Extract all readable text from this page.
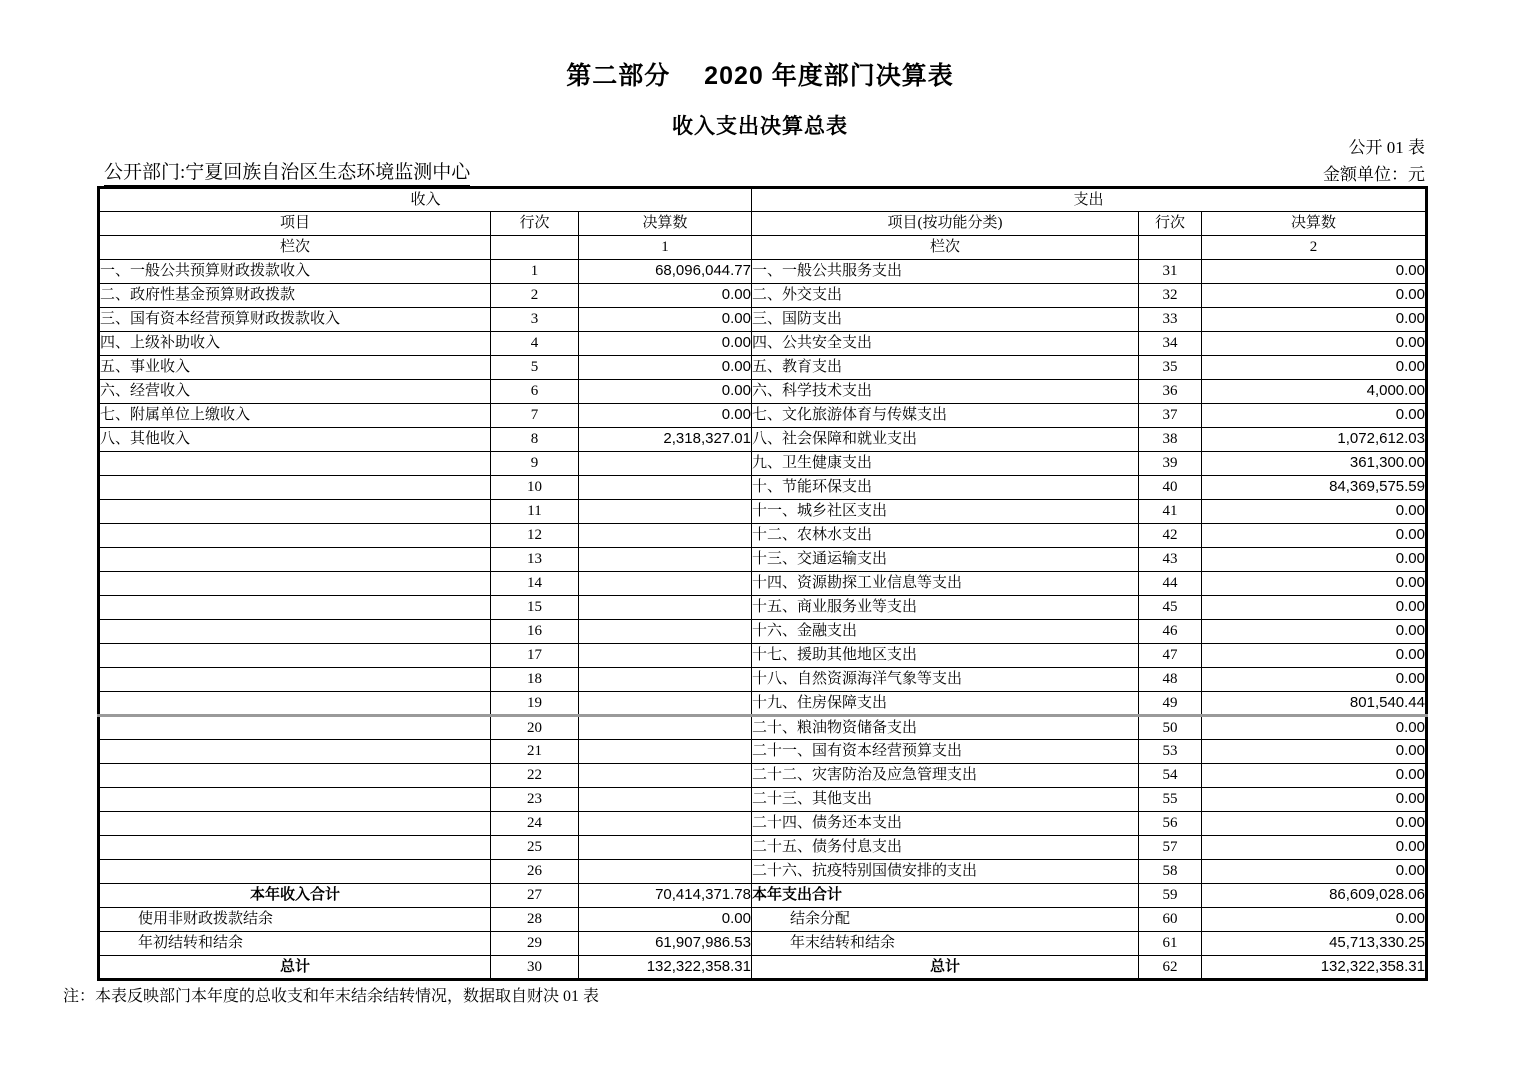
第二部分　 2020 年度部门决算表
收入支出决算总表
公开 01 表
公开部门:宁夏回族自治区生态环境监测中心	金额单位：元
收入			支出		
项目	行次	决算数	项目(按功能分类)	行次	决算数
栏次		1	栏次		2
一、一般公共预算财政拨款收入	1	68,096,044.77	一、一般公共服务支出	31	0.00
二、政府性基金预算财政拨款	2	0.00	二、外交支出	32	0.00
三、国有资本经营预算财政拨款收入	3	0.00	三、国防支出	33	0.00
四、上级补助收入	4	0.00	四、公共安全支出	34	0.00
五、事业收入	5	0.00	五、教育支出	35	0.00
六、经营收入	6	0.00	六、科学技术支出	36	4,000.00
七、附属单位上缴收入	7	0.00	七、文化旅游体育与传媒支出	37	0.00
八、其他收入	8	2,318,327.01	八、社会保障和就业支出	38	1,072,612.03
	9		九、卫生健康支出	39	361,300.00
	10		十、节能环保支出	40	84,369,575.59
	11		十一、城乡社区支出	41	0.00
	12		十二、农林水支出	42	0.00
	13		十三、交通运输支出	43	0.00
	14		十四、资源勘探工业信息等支出	44	0.00
	15		十五、商业服务业等支出	45	0.00
	16		十六、金融支出	46	0.00
	17		十七、援助其他地区支出	47	0.00
	18		十八、自然资源海洋气象等支出	48	0.00
	19		十九、住房保障支出	49	801,540.44
	20		二十、粮油物资储备支出	50	0.00
	21		二十一、国有资本经营预算支出	53	0.00
	22		二十二、灾害防治及应急管理支出	54	0.00
	23		二十三、其他支出	55	0.00
	24		二十四、债务还本支出	56	0.00
	25		二十五、债务付息支出	57	0.00
	26		二十六、抗疫特别国债安排的支出	58	0.00
本年收入合计	27	70,414,371.78	本年支出合计	59	86,609,028.06
使用非财政拨款结余	28	0.00	结余分配	60	0.00
年初结转和结余	29	61,907,986.53	年末结转和结余	61	45,713,330.25
总计	30	132,322,358.31	总计	62	132,322,358.31
注：本表反映部门本年度的总收支和年末结余结转情况，数据取自财决 01 表
